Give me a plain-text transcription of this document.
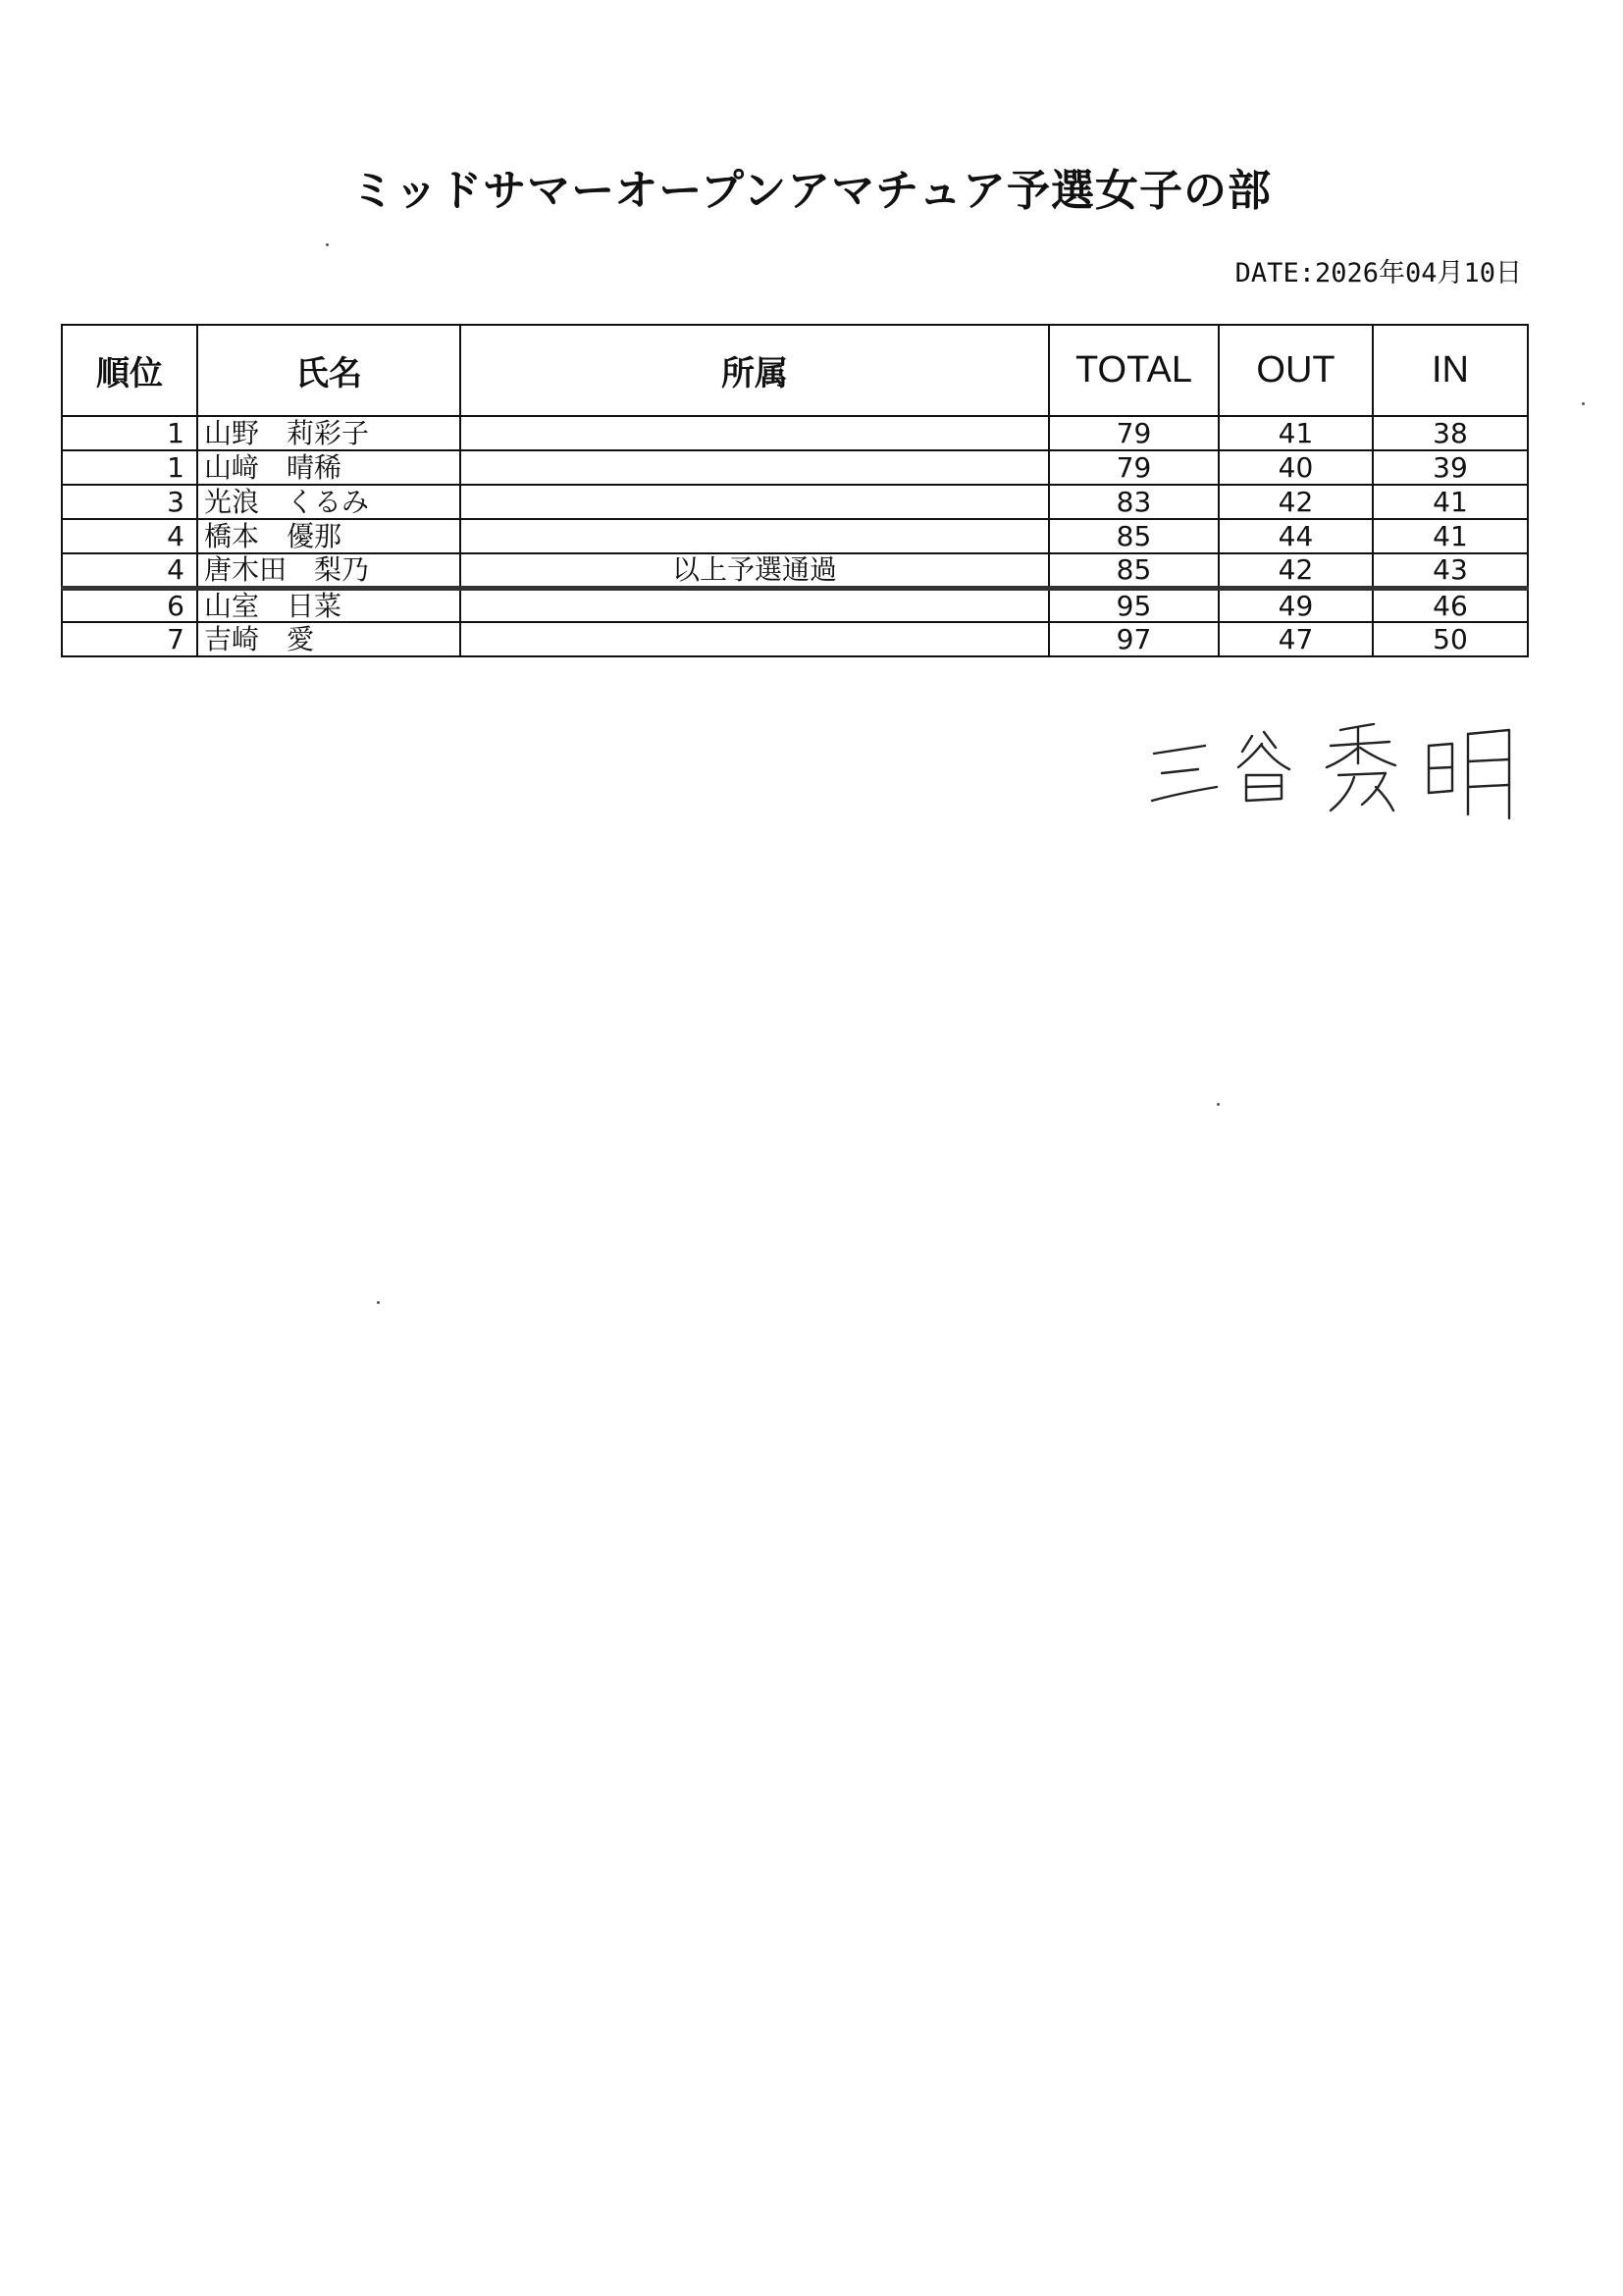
ミッドサマーオープンアマチュア予選女子の部
DATE:2026年04月10日
順位	氏名	所属	TOTAL	OUT	IN
1	山野　莉彩子		79	41	38
1	山﨑　晴稀		79	40	39
3	光浪　くるみ		83	42	41
4	橋本　優那		85	44	41
4	唐木田　梨乃	以上予選通過	85	42	43
6	山室　日菜		95	49	46
7	吉崎　愛		97	47	50
